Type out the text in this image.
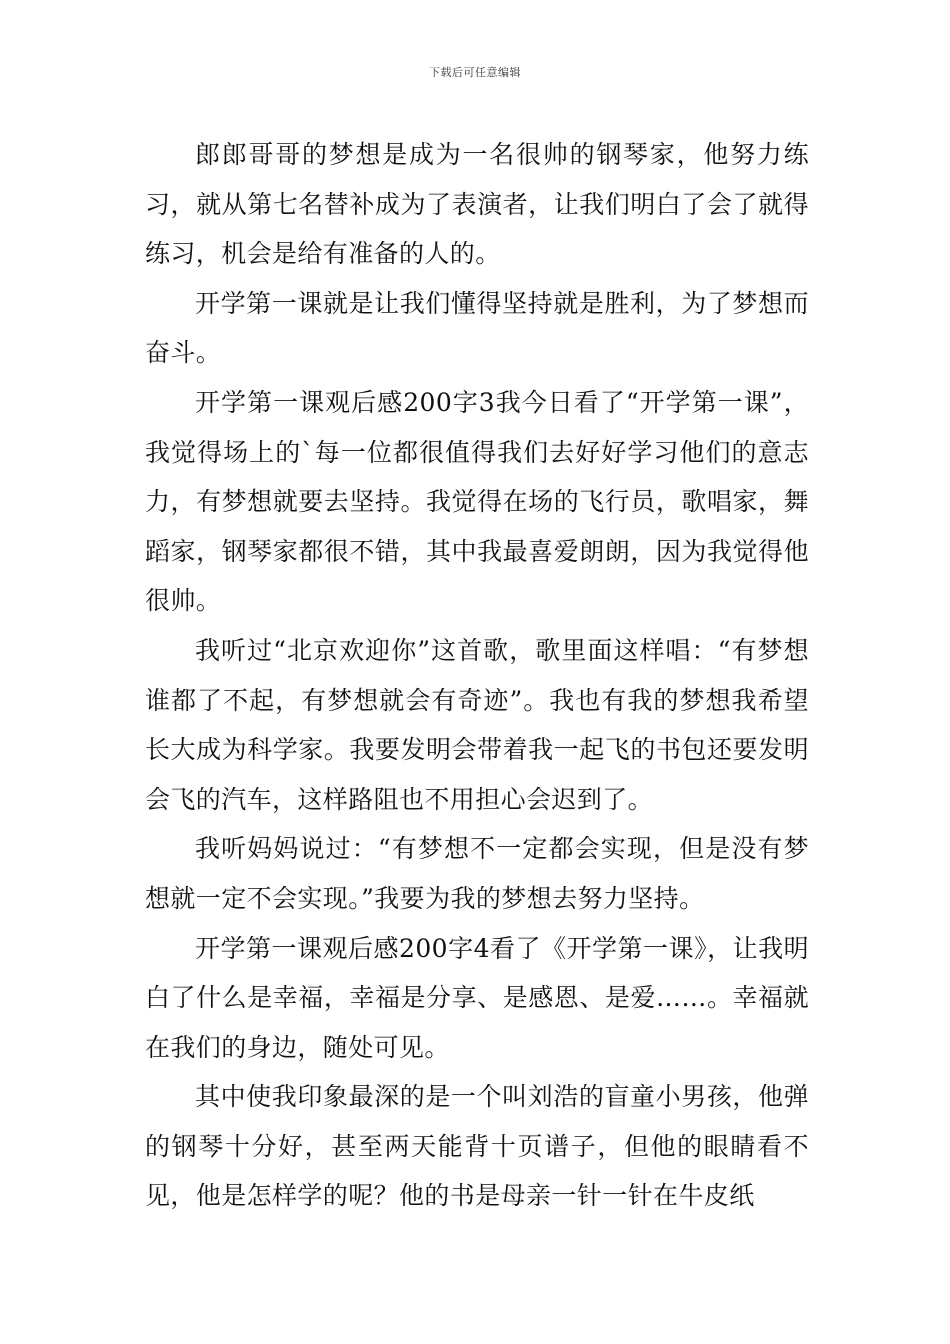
下载后可任意编辑

郎郎哥哥的梦想是成为一名很帅的钢琴家，他努力练习，就从第七名替补成为了表演者，让我们明白了会了就得练习，机会是给有准备的人的。

开学第一课就是让我们懂得坚持就是胜利，为了梦想而奋斗。

开学第一课观后感200字3我今日看了“开学第一课”，我觉得场上的`每一位都很值得我们去好好学习他们的意志力，有梦想就要去坚持。我觉得在场的飞行员，歌唱家，舞蹈家，钢琴家都很不错，其中我最喜爱朗朗，因为我觉得他很帅。

我听过“北京欢迎你”这首歌，歌里面这样唱：“有梦想谁都了不起，有梦想就会有奇迹”。我也有我的梦想我希望长大成为科学家。我要发明会带着我一起飞的书包还要发明会飞的汽车，这样路阻也不用担心会迟到了。

我听妈妈说过：“有梦想不一定都会实现，但是没有梦想就一定不会实现。”我要为我的梦想去努力坚持。

开学第一课观后感200字4看了《开学第一课》，让我明白了什么是幸福，幸福是分享、是感恩、是爱……。幸福就在我们的身边，随处可见。

其中使我印象最深的是一个叫刘浩的盲童小男孩，他弹的钢琴十分好，甚至两天能背十页谱子，但他的眼睛看不见，他是怎样学的呢？他的书是母亲一针一针在牛皮纸
